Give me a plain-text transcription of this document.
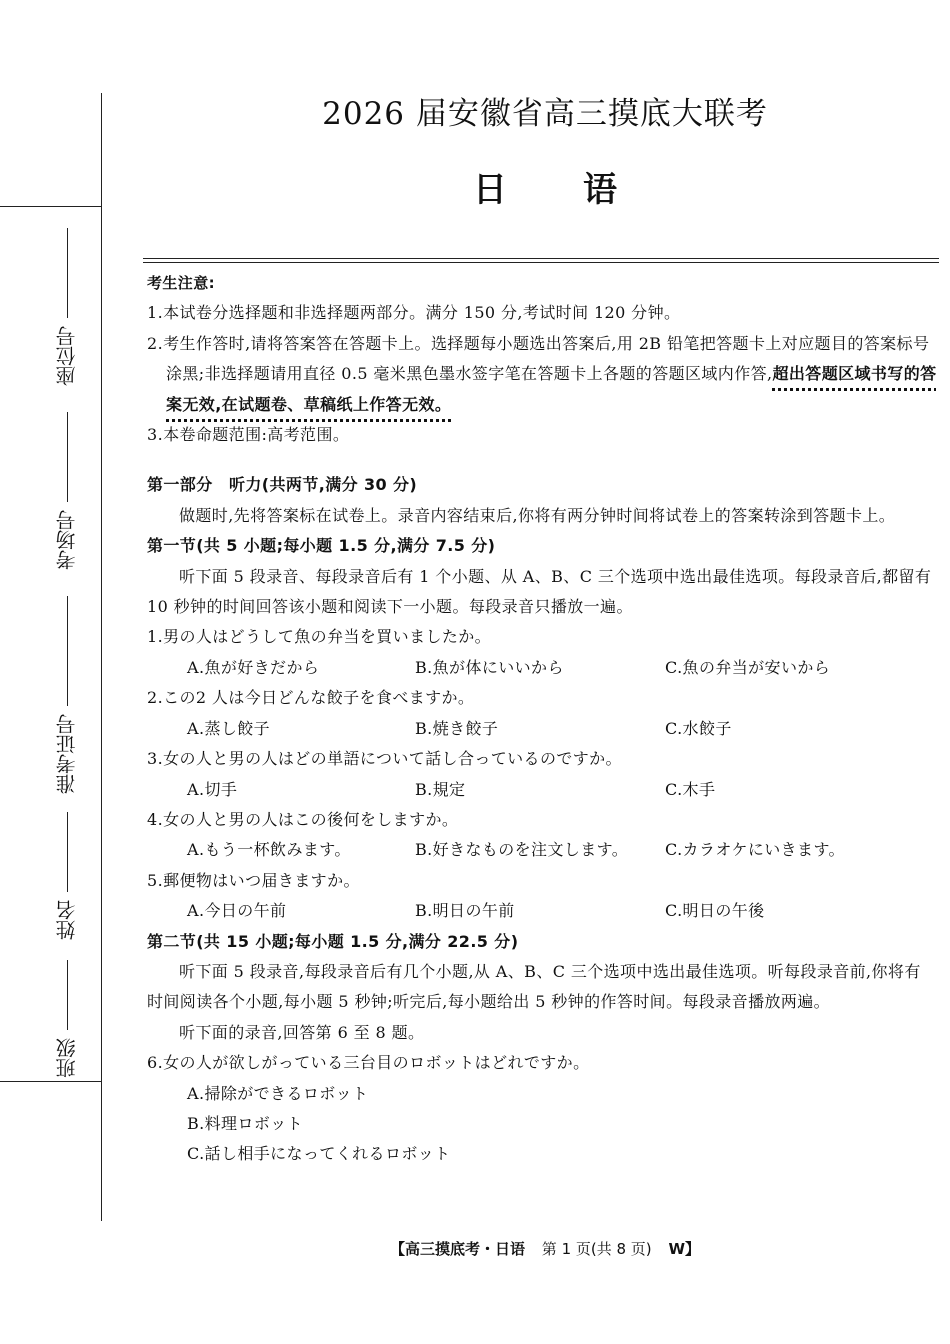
座位号
考场号
准考证号
姓名
班级
2026 届安徽省高三摸底大联考
日 语

考生注意:

1.本试卷分选择题和非选择题两部分。满分 150 分,考试时间 120 分钟。

2.考生作答时,请将答案答在答题卡上。选择题每小题选出答案后,用 2B 铅笔把答题卡上对应题目的答案标号涂黑;非选择题请用直径 0.5 毫米黑色墨水签字笔在答题卡上各题的答题区域内作答,超出答题区域书写的答案无效,在试题卷、草稿纸上作答无效。

3.本卷命题范围:高考范围。

第一部分　听力(共两节,满分 30 分)

做题时,先将答案标在试卷上。录音内容结束后,你将有两分钟时间将试卷上的答案转涂到答题卡上。

第一节(共 5 小题;每小题 1.5 分,满分 7.5 分)

听下面 5 段录音、每段录音后有 1 个小题、从 A、B、C 三个选项中选出最佳选项。每段录音后,都留有 10 秒钟的时间回答该小题和阅读下一小题。每段录音只播放一遍。

1.男の人はどうして魚の弁当を買いましたか。

A.魚が好きだから	B.魚が体にいいから	C.魚の弁当が安いから

2.この2 人は今日どんな餃子を食べますか。

A.蒸し餃子	B.焼き餃子	C.水餃子

3.女の人と男の人はどの単語について話し合っているのですか。

A.切手	B.規定	C.木手

4.女の人と男の人はこの後何をしますか。

A.もう一杯飲みます。	B.好きなものを注文します。	C.カラオケにいきます。

5.郵便物はいつ届きますか。

A.今日の午前	B.明日の午前	C.明日の午後

第二节(共 15 小题;每小题 1.5 分,满分 22.5 分)

听下面 5 段录音,每段录音后有几个小题,从 A、B、C 三个选项中选出最佳选项。听每段录音前,你将有时间阅读各个小题,每小题 5 秒钟;听完后,每小题给出 5 秒钟的作答时间。每段录音播放两遍。

听下面的录音,回答第 6 至 8 题。

6.女の人が欲しがっている三台目のロボットはどれですか。

A.掃除ができるロボット

B.料理ロボット

C.話し相手になってくれるロボット

【高三摸底考・日语 第 1 页(共 8 页) W】
